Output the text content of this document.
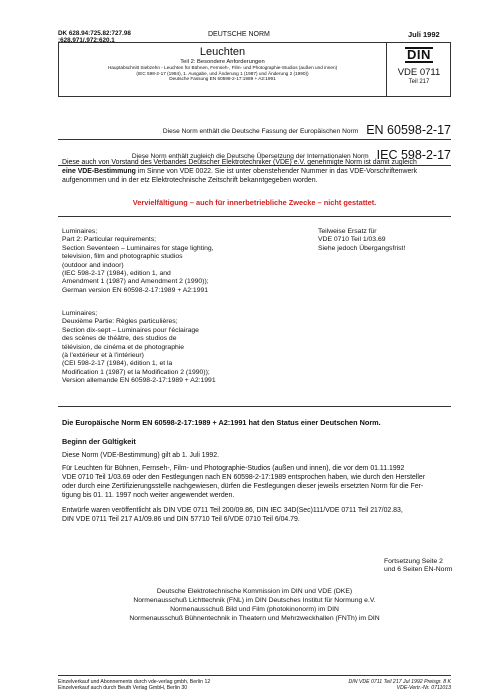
DK 628.94:725.82:727.98
:628.971/.972:620.1
DEUTSCHE NORM	Juli 1992
Leuchten
Teil 2: Besondere Anforderungen
Hauptabschnitt Siebzehn - Leuchten für Bühnen, Fernseh-, Film- und Photographie-Studios (außen und innen)
(IEC 598-2-17 (1984), 1. Ausgabe, und Änderung 1 (1987) und Änderung 2 (1990))
Deutsche Fassung EN 60598-2-17:1989 + A2:1991
DIN
VDE 0711
Teil 217
Diese Norm enthält die Deutsche Fassung der Europäischen Norm EN 60598-2-17
Diese Norm enthält zugleich die Deutsche Übersetzung der Internationalen Norm IEC 598-2-17
Diese auch von Vorstand des Verbandes Deutscher Elektrotechniker (VDE) e.V. genehmigte Norm ist damit zugleich
eine VDE-Bestimmung im Sinne von VDE 0022. Sie ist unter obenstehender Nummer in das VDE-Vorschriftenwerk
aufgenommen und in der etz Elektrotechnische Zeitschrift bekanntgegeben worden.
Vervielfältigung – auch für innerbetriebliche Zwecke – nicht gestattet.
Luminaires;
Part 2: Particular requirements;
Section Seventeen – Luminaires for stage lighting,
television, film and photographic studios
(outdoor and indoor)
(IEC 598-2-17 (1984), edition 1, and
Amendment 1 (1987) and Amendment 2 (1990));
German version EN 60598-2-17:1989 + A2:1991
Teilweise Ersatz für
VDE 0710 Teil 1/03.69
Siehe jedoch Übergangsfrist!
Luminaires;
Deuxième Partie: Règles particulières;
Section dix-sept – Luminaires pour l'éclairage
des scènes de théâtre, des studios de
télévision, de cinéma et de photographie
(à l'extérieur et à l'intérieur)
(CEI 598-2-17 (1984), édition 1, et la
Modification 1 (1987) et la Modification 2 (1990));
Version allemande EN 60598-2-17:1989 + A2:1991
Die Europäische Norm EN 60598-2-17:1989 + A2:1991 hat den Status einer Deutschen Norm.
Beginn der Gültigkeit
Diese Norm (VDE-Bestimmung) gilt ab 1. Juli 1992.
Für Leuchten für Bühnen, Fernseh-, Film- und Photographie-Studios (außen und innen), die vor dem 01.11.1992
VDE 0710 Teil 1/03.69 oder den Festlegungen nach EN 60598-2-17:1989 entsprochen haben, wie durch den Hersteller
oder durch eine Zertifizierungsstelle nachgewiesen, dürfen die Festlegungen dieser jeweils ersetzten Norm für die Fer-
tigung bis 01. 11. 1997 noch weiter angewendet werden.
Entwürfe waren veröffentlicht als DIN VDE 0711 Teil 200/09.86, DIN IEC 34D(Sec)111/VDE 0711 Teil 217/02.83,
DIN VDE 0711 Teil 217 A1/09.86 und DIN 57710 Teil 6/VDE 0710 Teil 6/04.79.
Fortsetzung Seite 2
und 6 Seiten EN-Norm
Deutsche Elektrotechnische Kommission im DIN und VDE (DKE)
Normenausschuß Lichttechnik (FNL) im DIN Deutsches Institut für Normung e.V.
Normenausschuß Bild und Film (photokinonorm) im DIN
Normenausschuß Bühnentechnik in Theatern und Mehrzweckhallen (FNTh) im DIN
Einzelverkauf und Abonnements durch vde-verlag gmbh, Berlin 12
Einzelverkauf auch durch Beuth Verlag GmbH, Berlin 30
DIN VDE 0711 Teil 217 Jul 1992 Preisgr. 8 K
VDE-Vertr.-Nr. 0711013
